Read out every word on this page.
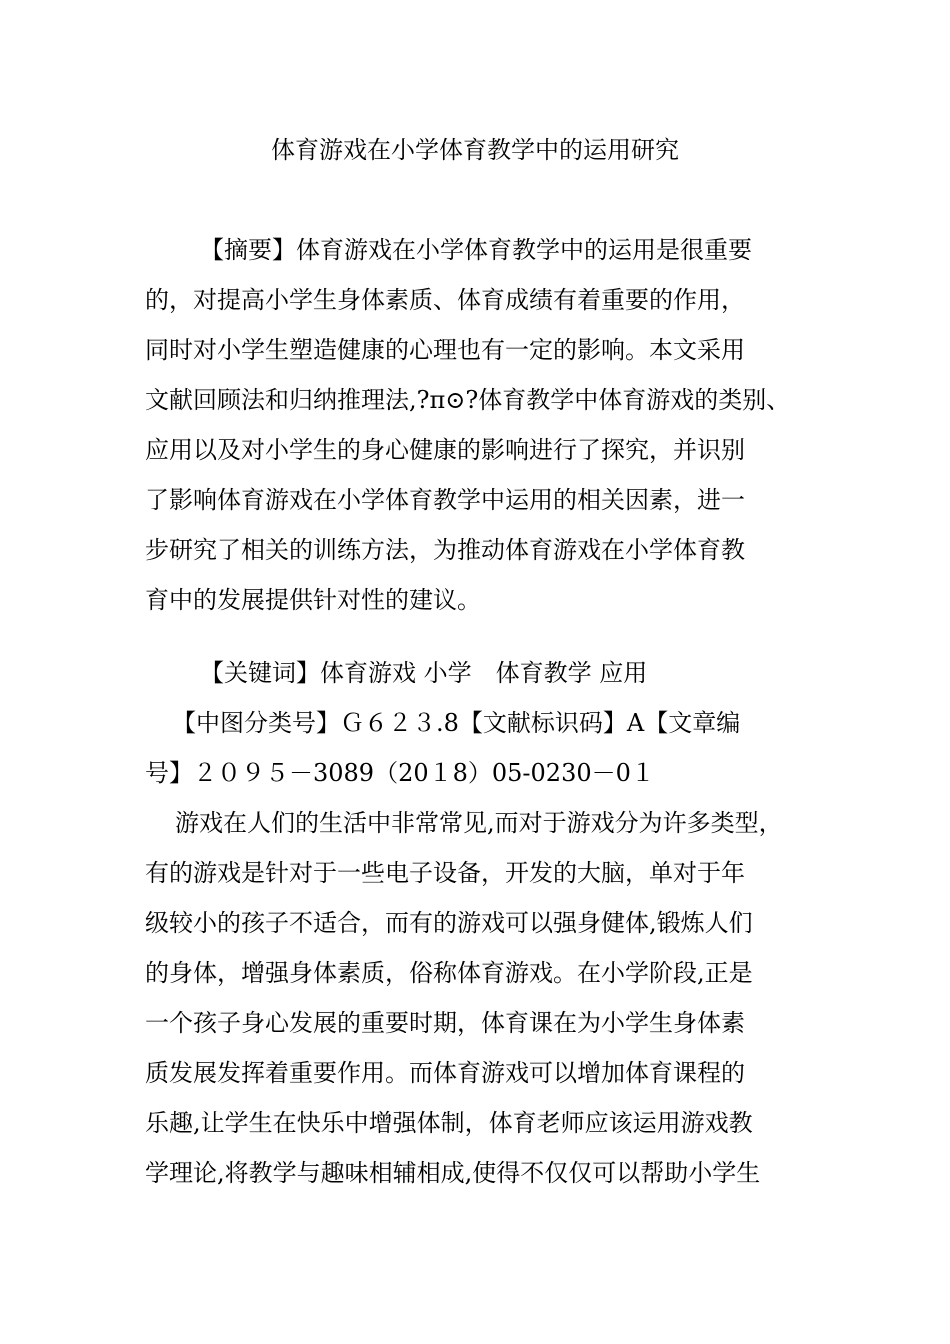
体育游戏在小学体育教学中的运用研究
【摘要】体育游戏在小学体育教学中的运用是很重要
的，对提高小学生身体素质、体育成绩有着重要的作用，
同时对小学生塑造健康的心理也有一定的影响。本文采用
文献回顾法和归纳推理法,?π⊙?体育教学中体育游戏的类别、
应用以及对小学生的身心健康的影响进行了探究，并识别
了影响体育游戏在小学体育教学中运用的相关因素，进一
步研究了相关的训练方法，为推动体育游戏在小学体育教
育中的发展提供针对性的建议。
【关键词】体育游戏 小学　体育教学 应用
【中图分类号】Ｇ６２３.8【文献标识码】A【文章编
号】２０９５－3089（20１8）05-0230－0１
游戏在人们的生活中非常常见,而对于游戏分为许多类型，
有的游戏是针对于一些电子设备，开发的大脑，单对于年
级较小的孩子不适合，而有的游戏可以强身健体,锻炼人们
的身体，增强身体素质，俗称体育游戏。在小学阶段,正是
一个孩子身心发展的重要时期，体育课在为小学生身体素
质发展发挥着重要作用。而体育游戏可以增加体育课程的
乐趣,让学生在快乐中增强体制，体育老师应该运用游戏教
学理论,将教学与趣味相辅相成,使得不仅仅可以帮助小学生
